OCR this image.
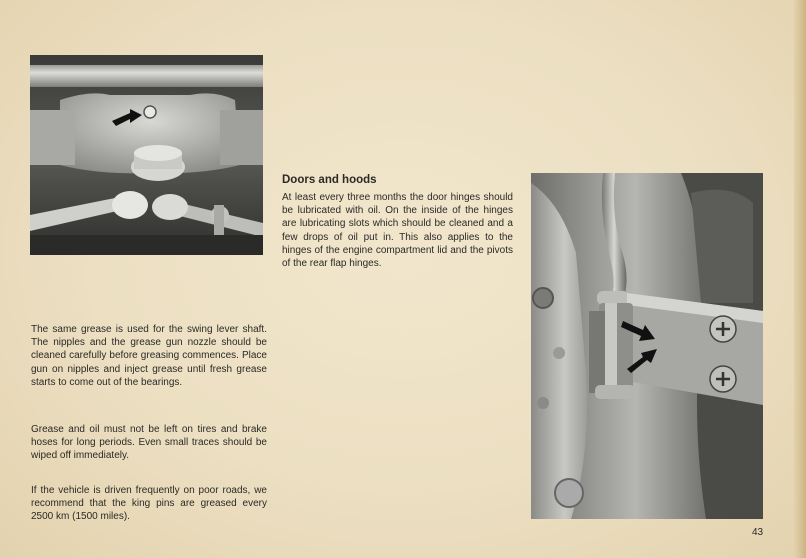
Doors and hoods

At least every three months the door hinges should be lubricated with oil. On the inside of the hinges are lubricating slots which should be cleaned and a few drops of oil put in. This also applies to the hinges of the engine compartment lid and the pivots of the rear flap hinges.

The same grease is used for the swing lever shaft. The nipples and the grease gun nozzle should be cleaned carefully before greasing commences. Place gun on nipples and inject grease until fresh grease starts to come out of the bearings.

Grease and oil must not be left on tires and brake hoses for long periods. Even small traces should be wiped off immediately.

If the vehicle is driven frequently on poor roads, we recommend that the king pins are greased every 2500 km (1500 miles).

43
